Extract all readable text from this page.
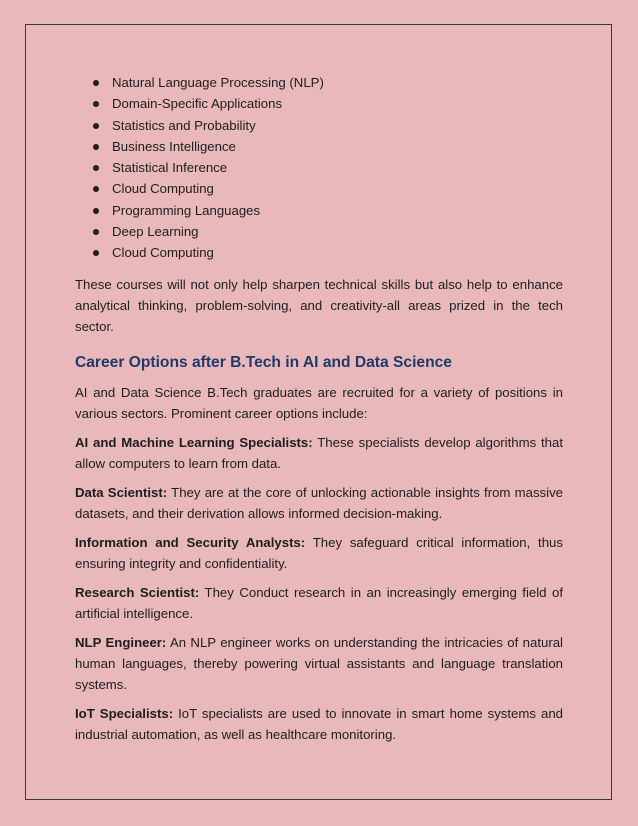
Natural Language Processing (NLP)
Domain-Specific Applications
Statistics and Probability
Business Intelligence
Statistical Inference
Cloud Computing
Programming Languages
Deep Learning
Cloud Computing

These courses will not only help sharpen technical skills but also help to enhance analytical thinking, problem-solving, and creativity-all areas prized in the tech sector.

Career Options after B.Tech in AI and Data Science

AI and Data Science B.Tech graduates are recruited for a variety of positions in various sectors. Prominent career options include:

AI and Machine Learning Specialists: These specialists develop algorithms that allow computers to learn from data.

Data Scientist: They are at the core of unlocking actionable insights from massive datasets, and their derivation allows informed decision-making.

Information and Security Analysts: They safeguard critical information, thus ensuring integrity and confidentiality.

Research Scientist: They Conduct research in an increasingly emerging field of artificial intelligence.

NLP Engineer: An NLP engineer works on understanding the intricacies of natural human languages, thereby powering virtual assistants and language translation systems.

IoT Specialists: IoT specialists are used to innovate in smart home systems and industrial automation, as well as healthcare monitoring.
